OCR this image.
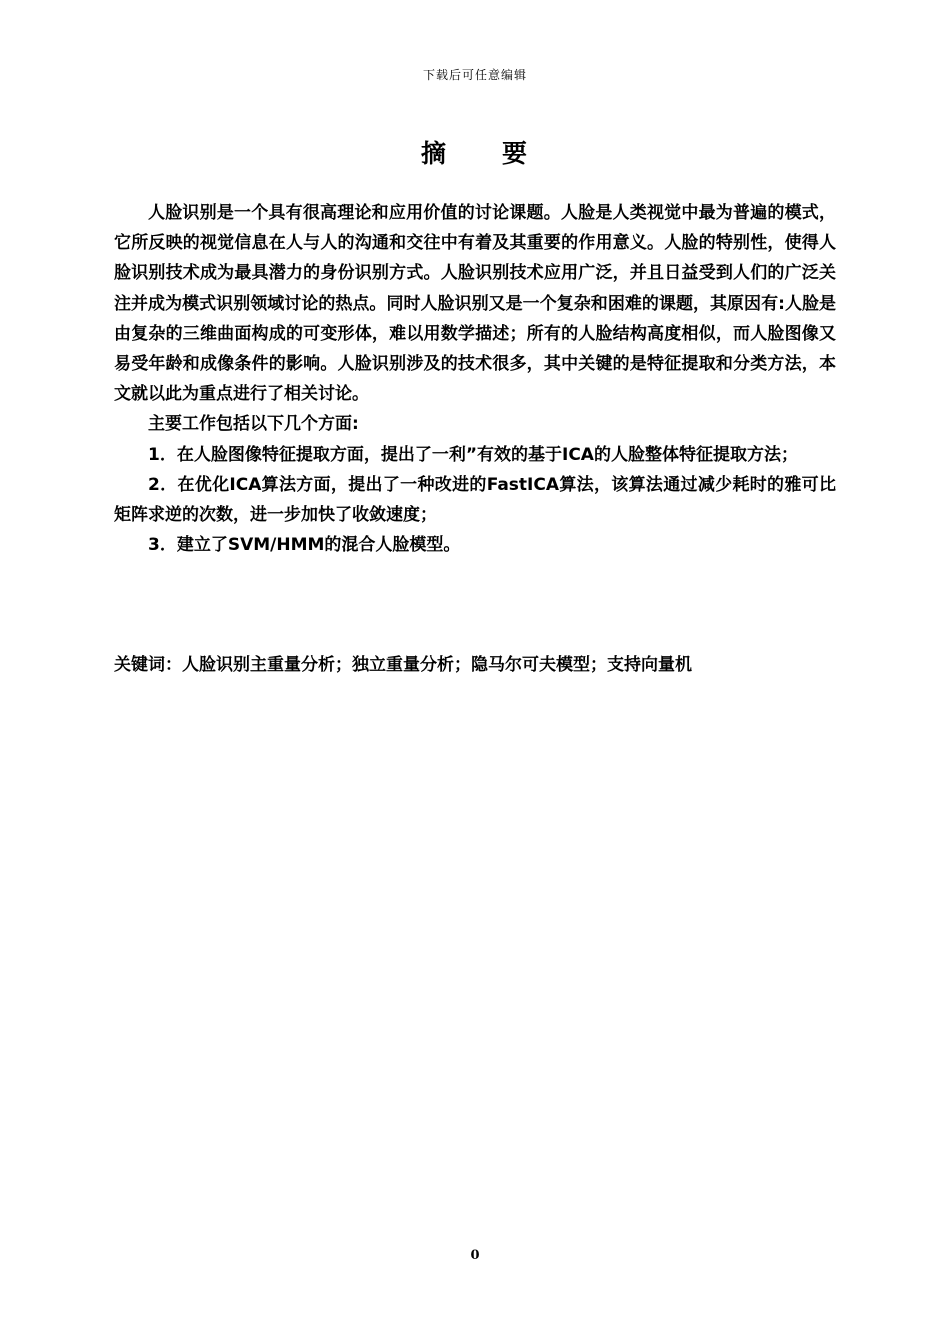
下载后可任意编辑
摘　　要

人脸识别是一个具有很高理论和应用价值的讨论课题。人脸是人类视觉中最为普遍的模式，它所反映的视觉信息在人与人的沟通和交往中有着及其重要的作用意义。人脸的特别性，使得人脸识别技术成为最具潜力的身份识别方式。人脸识别技术应用广泛，并且日益受到人们的广泛关注并成为模式识别领域讨论的热点。同时人脸识别又是一个复杂和困难的课题，其原因有:人脸是由复杂的三维曲面构成的可变形体，难以用数学描述；所有的人脸结构高度相似，而人脸图像又易受年龄和成像条件的影响。人脸识别涉及的技术很多，其中关键的是特征提取和分类方法，本文就以此为重点进行了相关讨论。

主要工作包括以下几个方面:

1．在人脸图像特征提取方面，提出了一利”有效的基于ICA的人脸整体特征提取方法；

2．在优化ICA算法方面，提出了一种改进的FastICA算法，该算法通过减少耗时的雅可比矩阵求逆的次数，进一步加快了收敛速度；

3．建立了SVM/HMM的混合人脸模型。

关键词：人脸识别主重量分析；独立重量分析；隐马尔可夫模型；支持向量机
0
